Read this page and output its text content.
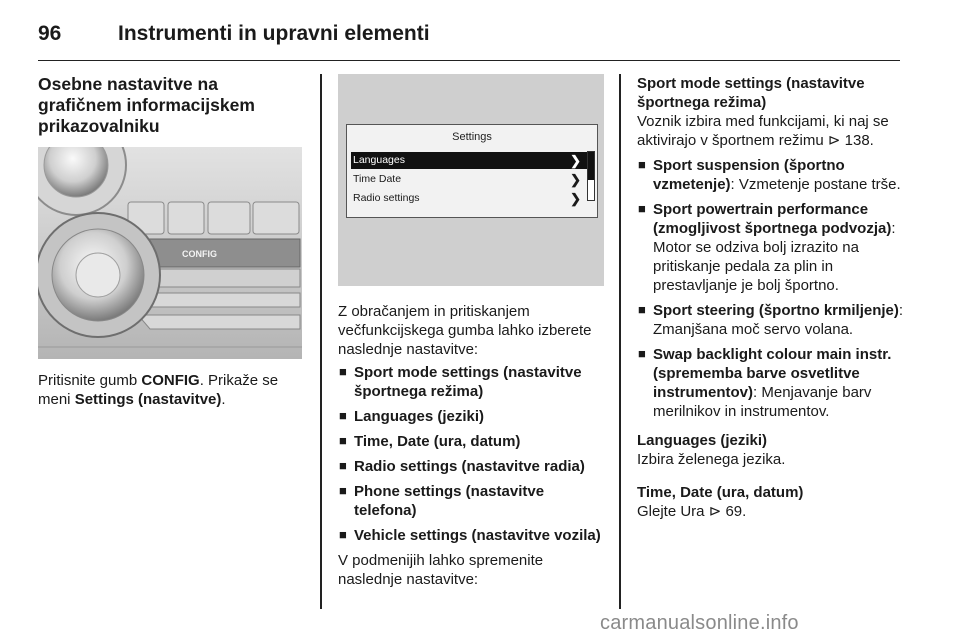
96	Instrumenti in upravni elementi
Osebne nastavitve na grafičnem informacijskem prikazovalniku
CONFIG

Pritisnite gumb CONFIG. Prikaže se meni Settings (nastavitve).

Settings
Languages	❯
Time Date	❯
Radio settings	❯

Z obračanjem in pritiskanjem večfunkcijskega gumba lahko izberete naslednje nastavitve:

■ Sport mode settings (nastavitve športnega režima)
■ Languages (jeziki)
■ Time, Date (ura, datum)
■ Radio settings (nastavitve radia)
■ Phone settings (nastavitve telefona)
■ Vehicle settings (nastavitve vozila)

V podmenijih lahko spremenite naslednje nastavitve:

Sport mode settings (nastavitve športnega režima)

Voznik izbira med funkcijami, ki naj se aktivirajo v športnem režimu ⊳ 138.

■ Sport suspension (športno vzmetenje): Vzmetenje postane trše.
■ Sport powertrain performance (zmogljivost športnega podvozja): Motor se odziva bolj izrazito na pritiskanje pedala za plin in prestavljanje je bolj športno.
■ Sport steering (športno krmiljenje): Zmanjšana moč servo volana.
■ Swap backlight colour main instr. (sprememba barve osvetlitve instrumentov): Menjavanje barv merilnikov in instrumentov.
Languages (jeziki)

Izbira želenega jezika.

Time, Date (ura, datum)

Glejte Ura ⊳ 69.

carmanualsonline.info
